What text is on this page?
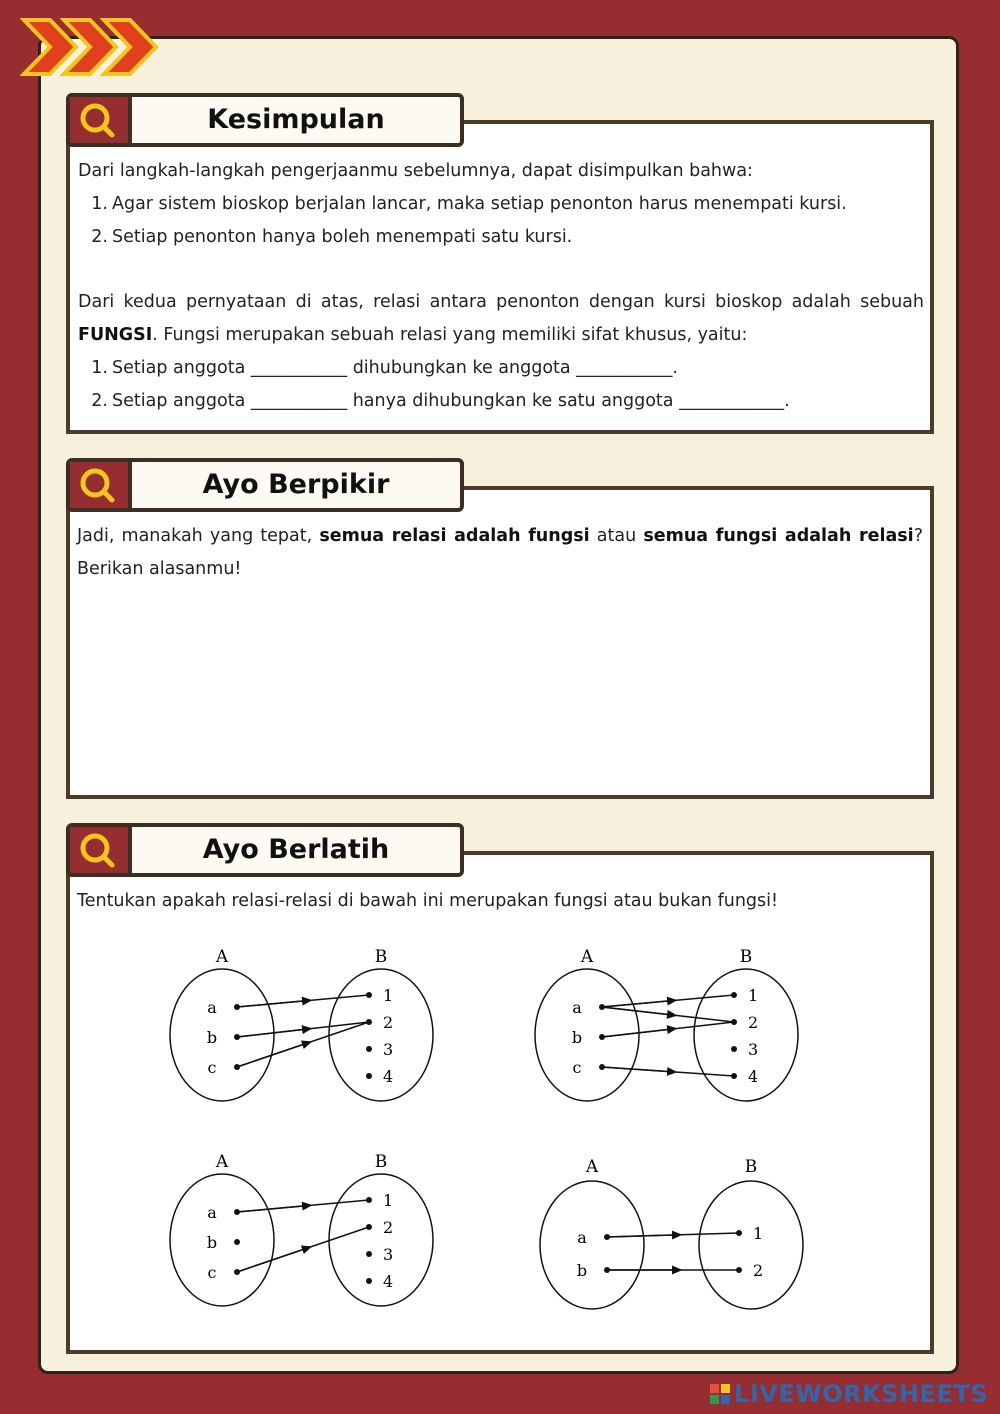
Kesimpulan
Dari langkah-langkah pengerjaanmu sebelumnya, dapat disimpulkan bahwa:
1. Agar sistem bioskop berjalan lancar, maka setiap penonton harus menempati kursi.
2. Setiap penonton hanya boleh menempati satu kursi.
Dari kedua pernyataan di atas, relasi antara penonton dengan kursi bioskop adalah sebuah FUNGSI. Fungsi merupakan sebuah relasi yang memiliki sifat khusus, yaitu:
1. Setiap anggota ___________ dihubungkan ke anggota ___________.
2. Setiap anggota ___________ hanya dihubungkan ke satu anggota ____________.
Ayo Berpikir
Jadi, manakah yang tepat, semua relasi adalah fungsi atau semua fungsi adalah relasi? Berikan alasanmu!
Ayo Berlatih
Tentukan apakah relasi-relasi di bawah ini merupakan fungsi atau bukan fungsi!
A	B
a
b
c
1
2
3
4
A	B
a
b
c
1
2
3
4
A	B
a
b
c
1
2
3
4
A	B
a
b
1
2
LIVEWORKSHEETS
